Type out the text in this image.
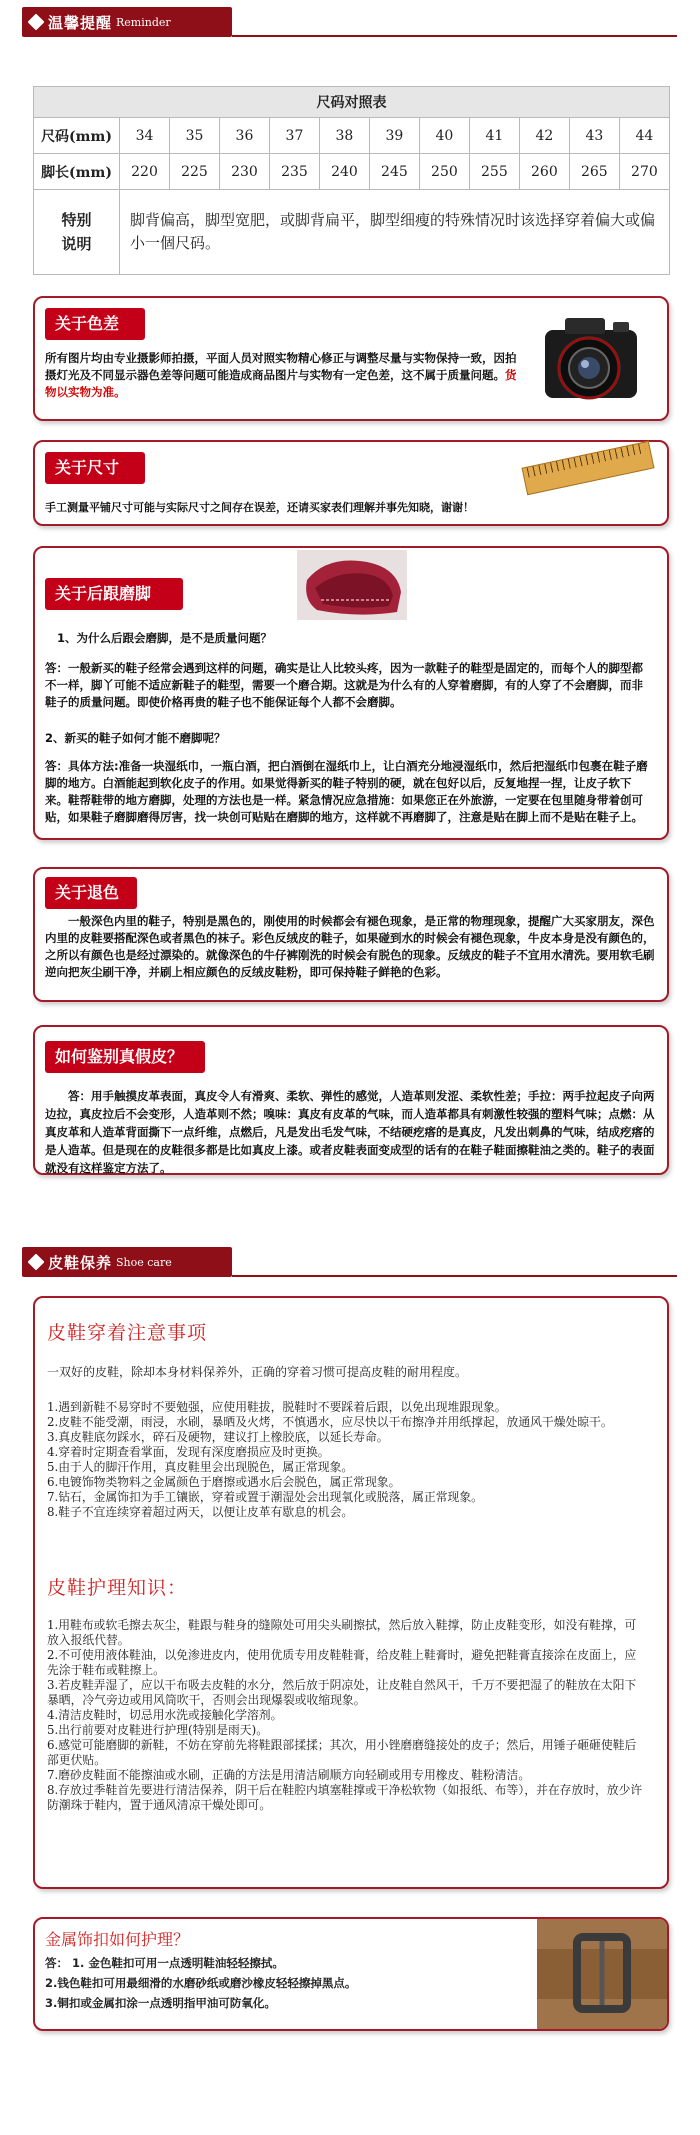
温馨提醒 Reminder
尺码对照表											
尺码(mm)	34	35	36	37	38	39	40	41	42	43	44
脚长(mm)	220	225	230	235	240	245	250	255	260	265	270
特别
说明	脚背偏高，脚型宽肥，或脚背扁平，脚型细瘦的特殊情况时该选择穿着偏大或偏小一個尺码。										
关于色差
所有图片均由专业摄影师拍摄，平面人员对照实物精心修正与调整尽量与实物保持一致，因拍摄灯光及不同显示器色差等问题可能造成商品图片与实物有一定色差，这不属于质量问题。货物以实物为准。
关于尺寸
手工测量平铺尺寸可能与实际尺寸之间存在误差，还请买家表们理解并事先知晓，谢谢！
关于后跟磨脚
1、为什么后跟会磨脚，是不是质量问题？
答：一般新买的鞋子经常会遇到这样的问题，确实是让人比较头疼，因为一款鞋子的鞋型是固定的，而每个人的脚型都不一样，脚丫可能不适应新鞋子的鞋型，需要一个磨合期。这就是为什么有的人穿着磨脚，有的人穿了不会磨脚，而非鞋子的质量问题。即使价格再贵的鞋子也不能保证每个人都不会磨脚。
2、新买的鞋子如何才能不磨脚呢？
答：具体方法:准备一块湿纸巾，一瓶白酒，把白酒倒在湿纸巾上，让白酒充分地浸湿纸巾，然后把湿纸巾包裹在鞋子磨脚的地方。白酒能起到软化皮子的作用。如果觉得新买的鞋子特别的硬，就在包好以后，反复地捏一捏，让皮子软下来。鞋帮鞋带的地方磨脚，处理的方法也是一样。紧急情况应急措施：如果您正在外旅游，一定要在包里随身带着创可贴，如果鞋子磨脚磨得厉害，找一块创可贴贴在磨脚的地方，这样就不再磨脚了，注意是贴在脚上而不是贴在鞋子上。
关于退色
一般深色内里的鞋子，特别是黑色的，刚使用的时候都会有褪色现象，是正常的物理现象，提醒广大买家朋友，深色内里的皮鞋要搭配深色或者黑色的袜子。彩色反绒皮的鞋子，如果碰到水的时候会有褪色现象，牛皮本身是没有颜色的，之所以有颜色也是经过漂染的。就像深色的牛仔裤刚洗的时候会有脱色的现象。反绒皮的鞋子不宜用水清洗。要用软毛刷逆向把灰尘刷干净，并刷上相应颜色的反绒皮鞋粉，即可保持鞋子鲜艳的色彩。
如何鉴别真假皮？
答：用手触摸皮革表面，真皮令人有滑爽、柔软、弹性的感觉，人造革则发涩、柔软性差；手拉：两手拉起皮子向两边拉，真皮拉后不会变形，人造革则不然；嗅味：真皮有皮革的气味，而人造革都具有刺激性较强的塑料气味；点燃：从真皮革和人造革背面撕下一点纤维，点燃后，凡是发出毛发气味，不结硬疙瘩的是真皮，凡发出刺鼻的气味，结成疙瘩的是人造革。但是现在的皮鞋很多都是比如真皮上漆。或者皮鞋表面变成型的话有的在鞋子鞋面擦鞋油之类的。鞋子的表面就没有这样鉴定方法了。
皮鞋保养 Shoe care
皮鞋穿着注意事项

一双好的皮鞋，除却本身材料保养外，正确的穿着习惯可提高皮鞋的耐用程度。

1.遇到新鞋不易穿时不要勉强，应使用鞋拔，脱鞋时不要踩着后跟，以免出现堆跟现象。
2.皮鞋不能受潮，雨浸，水刷，暴晒及火烤，不慎遇水，应尽快以干布擦净并用纸撑起，放通风干燥处晾干。
3.真皮鞋底勿踩水，碎石及硬物，建议打上橡胶底，以延长寿命。
4.穿着时定期查看掌面，发现有深度磨损应及时更换。
5.由于人的脚汗作用，真皮鞋里会出现脱色，属正常现象。
6.电镀饰物类物料之金属颜色于磨擦或遇水后会脱色，属正常现象。
7.钻石，金属饰扣为手工镶嵌，穿着或置于潮湿处会出现氧化或脱落，属正常现象。
8.鞋子不宜连续穿着超过两天，以便让皮革有歇息的机会。
皮鞋护理知识：
1.用鞋布或软毛擦去灰尘，鞋跟与鞋身的缝隙处可用尖头刷擦拭，然后放入鞋撑，防止皮鞋变形，如没有鞋撑，可放入报纸代替。
2.不可使用液体鞋油，以免渗进皮内，使用优质专用皮鞋鞋膏，给皮鞋上鞋膏时，避免把鞋膏直接涂在皮面上，应先涂于鞋布或鞋擦上。
3.若皮鞋弄湿了，应以干布吸去皮鞋的水分，然后放于阴凉处，让皮鞋自然风干，千万不要把湿了的鞋放在太阳下暴晒，冷气旁边或用风筒吹干，否则会出现爆裂或收缩现象。
4.清洁皮鞋时，切忌用水洗或接触化学溶剂。
5.出行前要对皮鞋进行护理(特别是雨天)。
6.感觉可能磨脚的新鞋，不妨在穿前先将鞋跟部揉揉；其次，用小锉磨磨缝接处的皮子；然后，用锤子砸砸使鞋后部更伏贴。
7.磨砂皮鞋面不能擦油或水刷，正确的方法是用清洁刷顺方向轻刷或用专用橡皮、鞋粉清洁。
8.存放过季鞋首先要进行清洁保养，阴干后在鞋腔内填塞鞋撑或干净松软物（如报纸、布等），并在存放时，放少许防潮珠于鞋内，置于通风清凉干燥处即可。
金属饰扣如何护理？
答： 1. 金色鞋扣可用一点透明鞋油轻轻擦拭。
2.钱色鞋扣可用最细滑的水磨砂纸或磨沙橡皮轻轻擦掉黑点。
3.铜扣或金属扣涂一点透明指甲油可防氧化。
